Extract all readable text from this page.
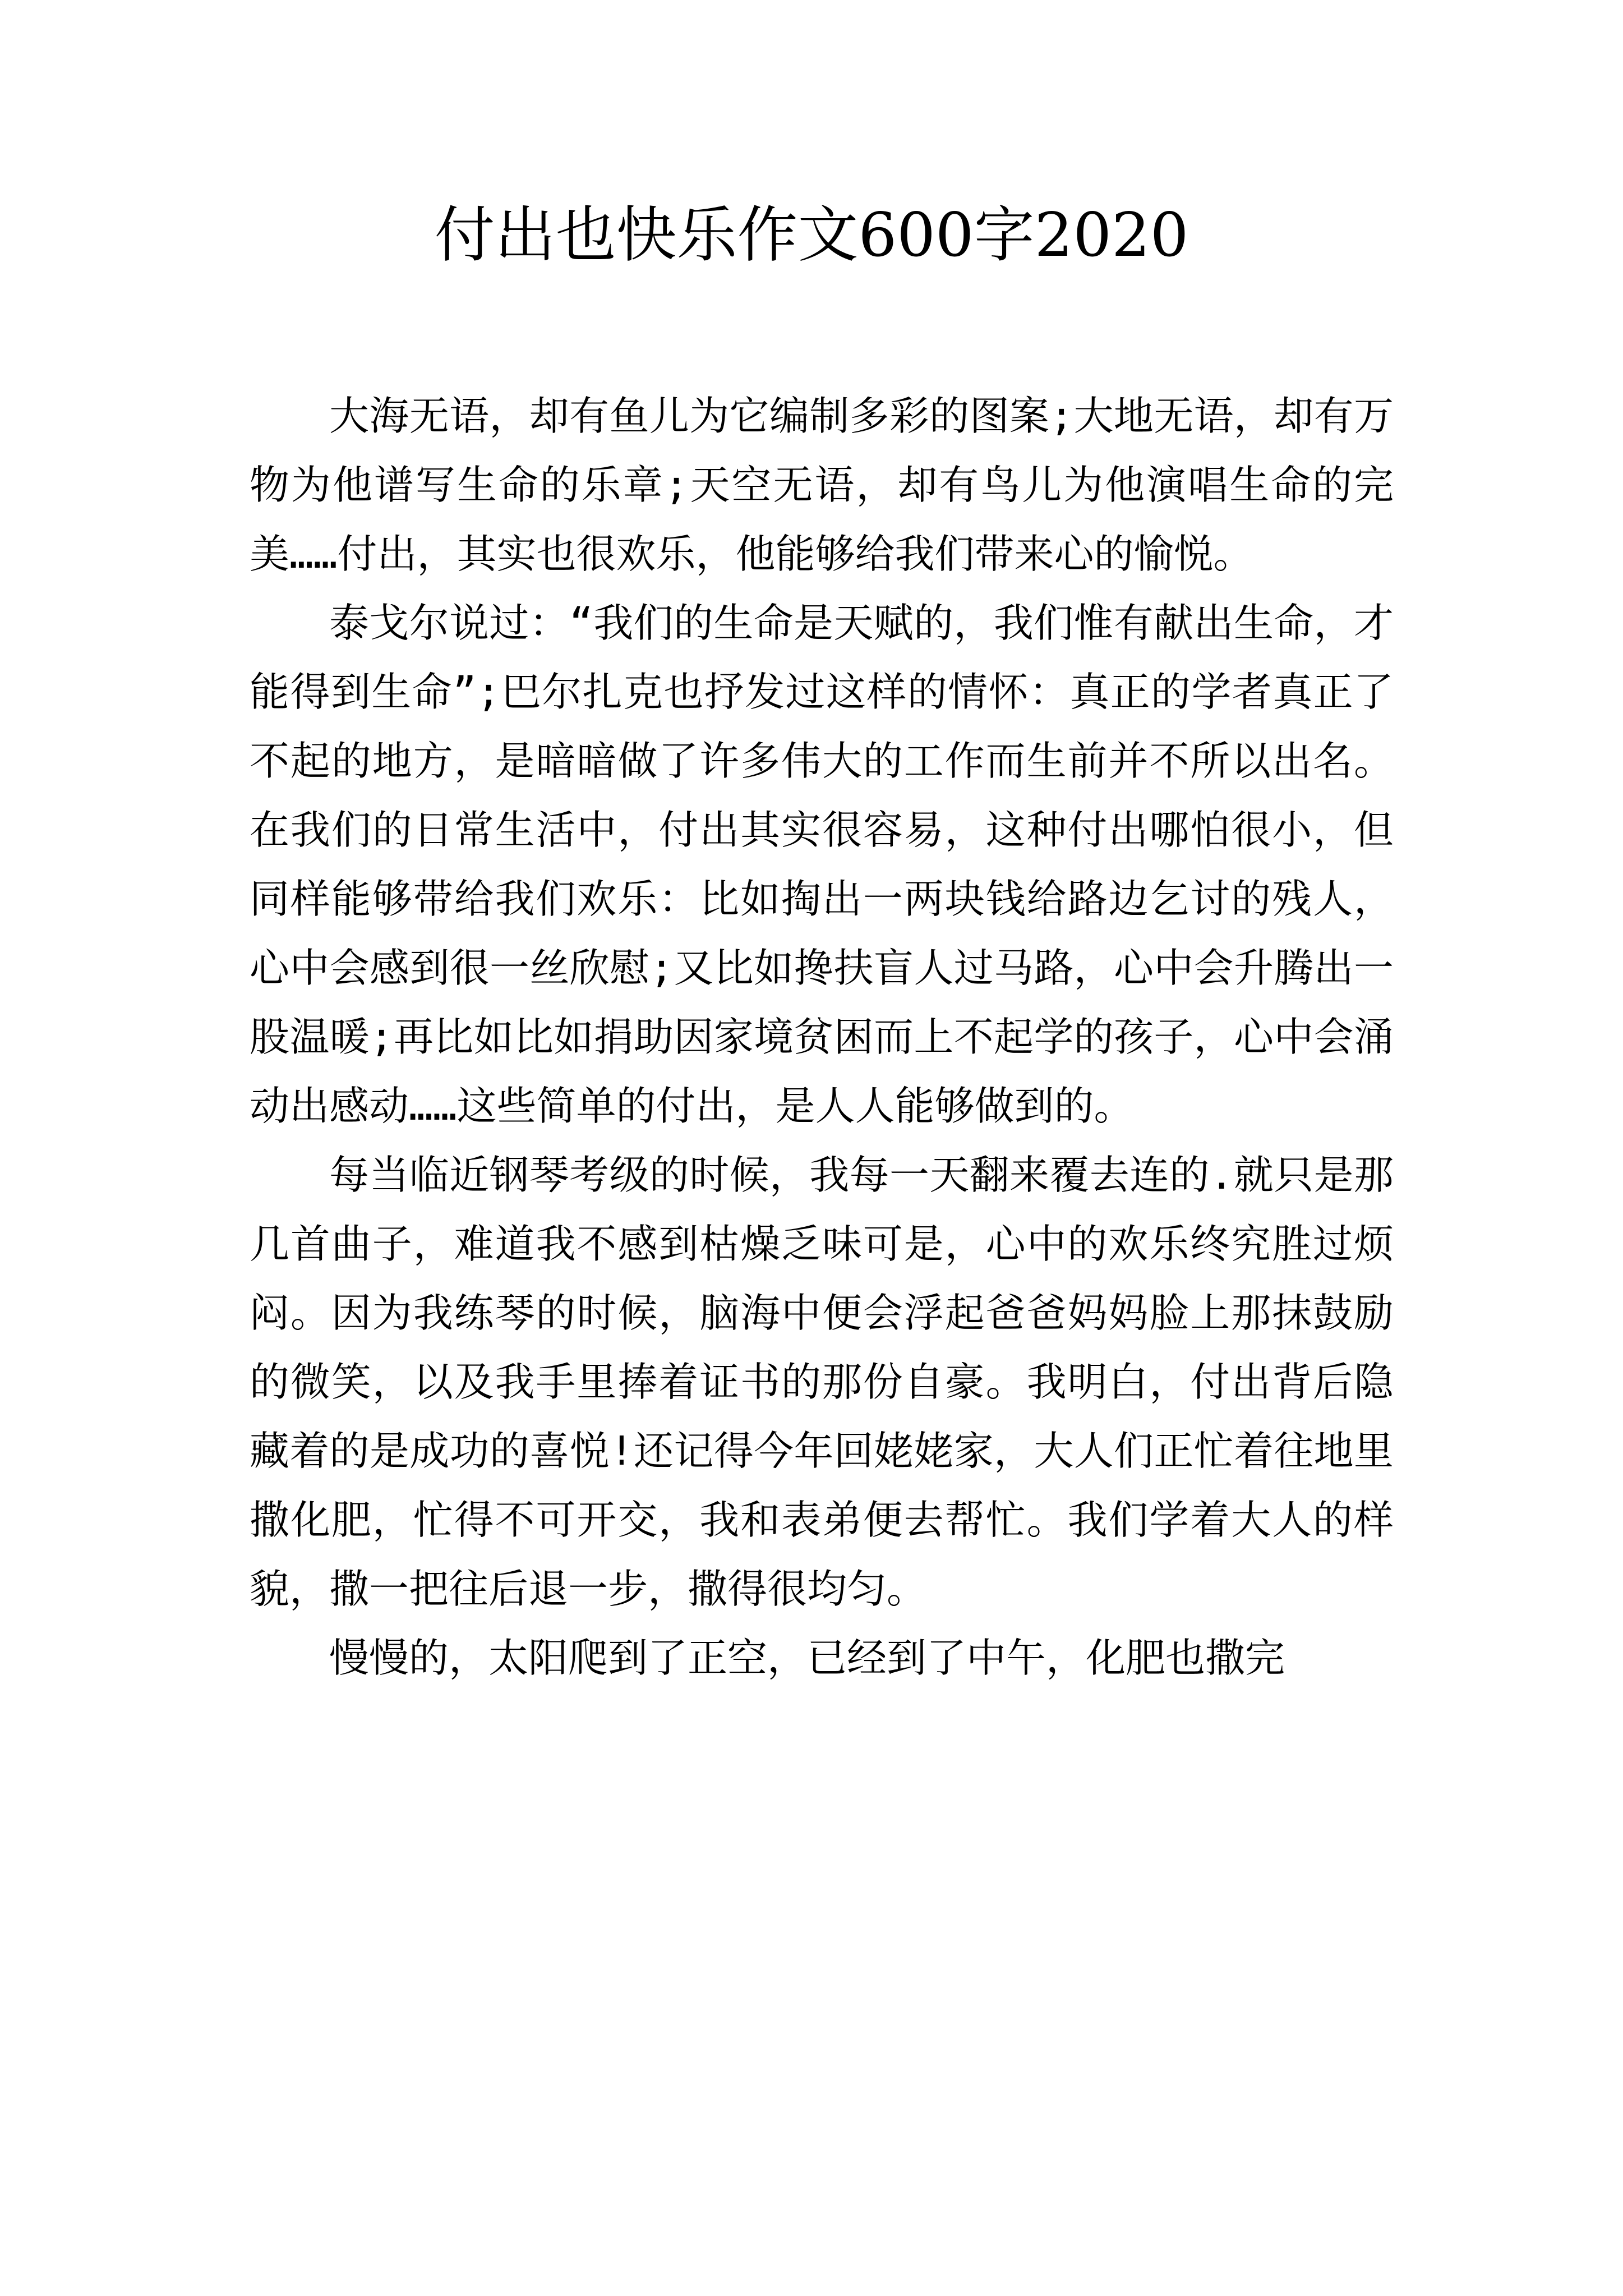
付出也快乐作文600字2020

大海无语，却有鱼儿为它编制多彩的图案;大地无语，却有万物为他谱写生命的乐章;天空无语，却有鸟儿为他演唱生命的完美……付出，其实也很欢乐，他能够给我们带来心的愉悦。

泰戈尔说过：“我们的生命是天赋的，我们惟有献出生命，才能得到生命”;巴尔扎克也抒发过这样的情怀：真正的学者真正了不起的地方，是暗暗做了许多伟大的工作而生前并不所以出名。在我们的日常生活中，付出其实很容易，这种付出哪怕很小，但同样能够带给我们欢乐：比如掏出一两块钱给路边乞讨的残人，心中会感到很一丝欣慰;又比如搀扶盲人过马路，心中会升腾出一股温暖;再比如比如捐助因家境贫困而上不起学的孩子，心中会涌动出感动……这些简单的付出，是人人能够做到的。

每当临近钢琴考级的时候，我每一天翻来覆去连的.就只是那几首曲子，难道我不感到枯燥乏味可是，心中的欢乐终究胜过烦闷。因为我练琴的时候，脑海中便会浮起爸爸妈妈脸上那抹鼓励的微笑，以及我手里捧着证书的那份自豪。我明白，付出背后隐藏着的是成功的喜悦!还记得今年回姥姥家，大人们正忙着往地里撒化肥，忙得不可开交，我和表弟便去帮忙。我们学着大人的样貌，撒一把往后退一步，撒得很均匀。

慢慢的，太阳爬到了正空，已经到了中午，化肥也撒完
